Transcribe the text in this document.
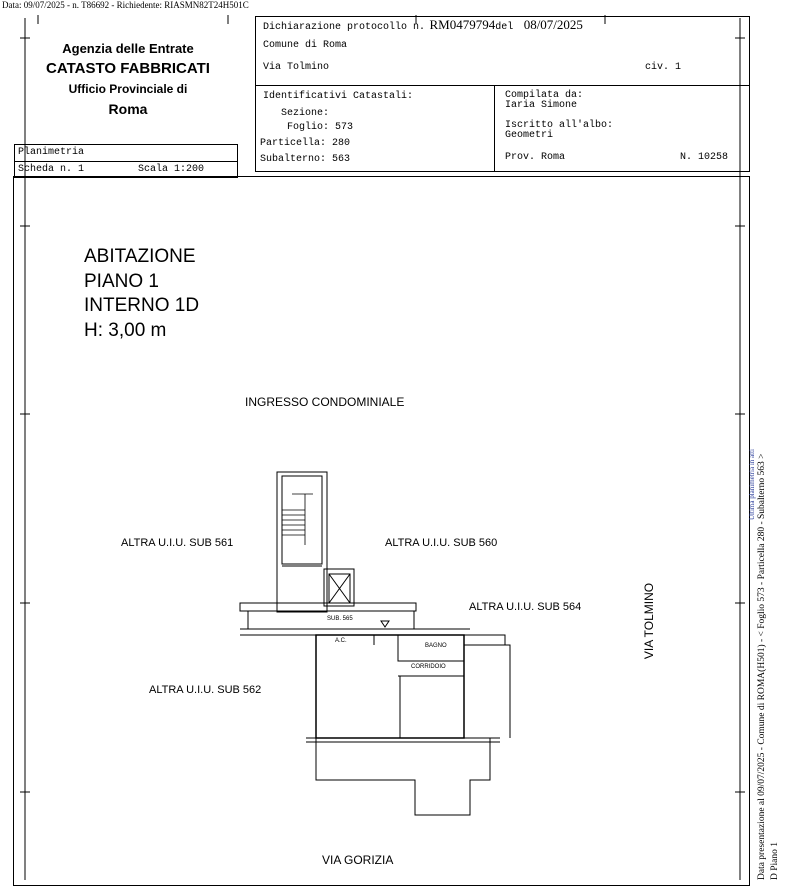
Data: 09/07/2025 - n. T86692 - Richiedente: RIASMN82T24H501C
Agenzia delle Entrate
CATASTO FABBRICATI
Ufficio Provinciale di
Roma
Planimetria
Scheda n. 1	Scala 1:200
Dichiarazione protocollo n. RM0479794del 08/07/2025
Comune di Roma
Via Tolmino	civ. 1
Identificativi Catastali:
Sezione:
Foglio: 573
Particella: 280
Subalterno: 563
Compilata da:
Iaria Simone
Iscritto all'albo:
Geometri
Prov. Roma	N. 10258
ABITAZIONE
PIANO 1
INTERNO 1D
H: 3,00 m
INGRESSO CONDOMINIALE
ALTRA U.I.U. SUB 561	ALTRA U.I.U. SUB 560
ALTRA U.I.U. SUB 564
ALTRA U.I.U. SUB 562
VIA GORIZIA
VIA TOLMINO
SUB. 565
A.C.
BAGNO
CORRIDOIO
Ultima planimetria in atti Data presentazione al 09/07/2025 - Comune di ROMA(H501) - < Foglio 573 - Particella 280 - Subalterno 563 > D Piano 1
